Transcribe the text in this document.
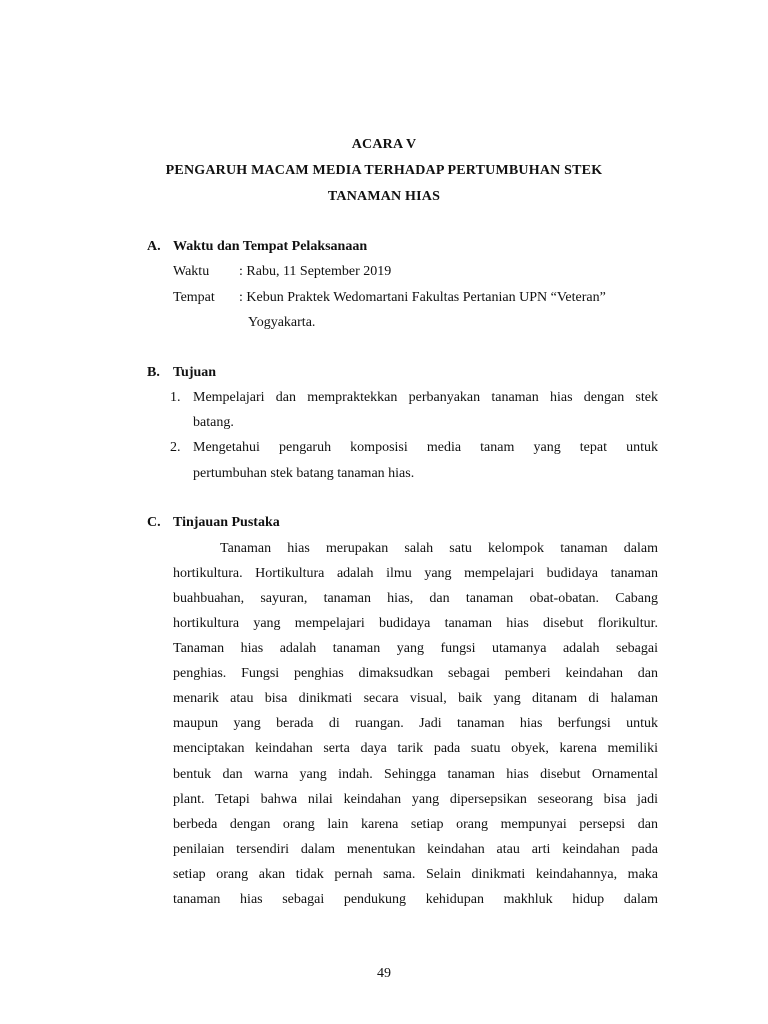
ACARA V
PENGARUH MACAM MEDIA TERHADAP PERTUMBUHAN STEK
TANAMAN HIAS
A. Waktu dan Tempat Pelaksanaan
Waktu : Rabu, 11 September 2019
Tempat : Kebun Praktek Wedomartani Fakultas Pertanian UPN “Veteran”
Yogyakarta.
B. Tujuan
1. Mempelajari dan mempraktekkan perbanyakan tanaman hias dengan stek
batang.
2. Mengetahui pengaruh komposisi media tanam yang tepat untuk
pertumbuhan stek batang tanaman hias.
C. Tinjauan Pustaka
Tanaman hias merupakan salah satu kelompok tanaman dalam
hortikultura. Hortikultura adalah ilmu yang mempelajari budidaya tanaman
buahbuahan, sayuran, tanaman hias, dan tanaman obat-obatan. Cabang
hortikultura yang mempelajari budidaya tanaman hias disebut florikultur.
Tanaman hias adalah tanaman yang fungsi utamanya adalah sebagai
penghias. Fungsi penghias dimaksudkan sebagai pemberi keindahan dan
menarik atau bisa dinikmati secara visual, baik yang ditanam di halaman
maupun yang berada di ruangan. Jadi tanaman hias berfungsi untuk
menciptakan keindahan serta daya tarik pada suatu obyek, karena memiliki
bentuk dan warna yang indah. Sehingga tanaman hias disebut Ornamental
plant. Tetapi bahwa nilai keindahan yang dipersepsikan seseorang bisa jadi
berbeda dengan orang lain karena setiap orang mempunyai persepsi dan
penilaian tersendiri dalam menentukan keindahan atau arti keindahan pada
setiap orang akan tidak pernah sama. Selain dinikmati keindahannya, maka
tanaman hias sebagai pendukung kehidupan makhluk hidup dalam
49
